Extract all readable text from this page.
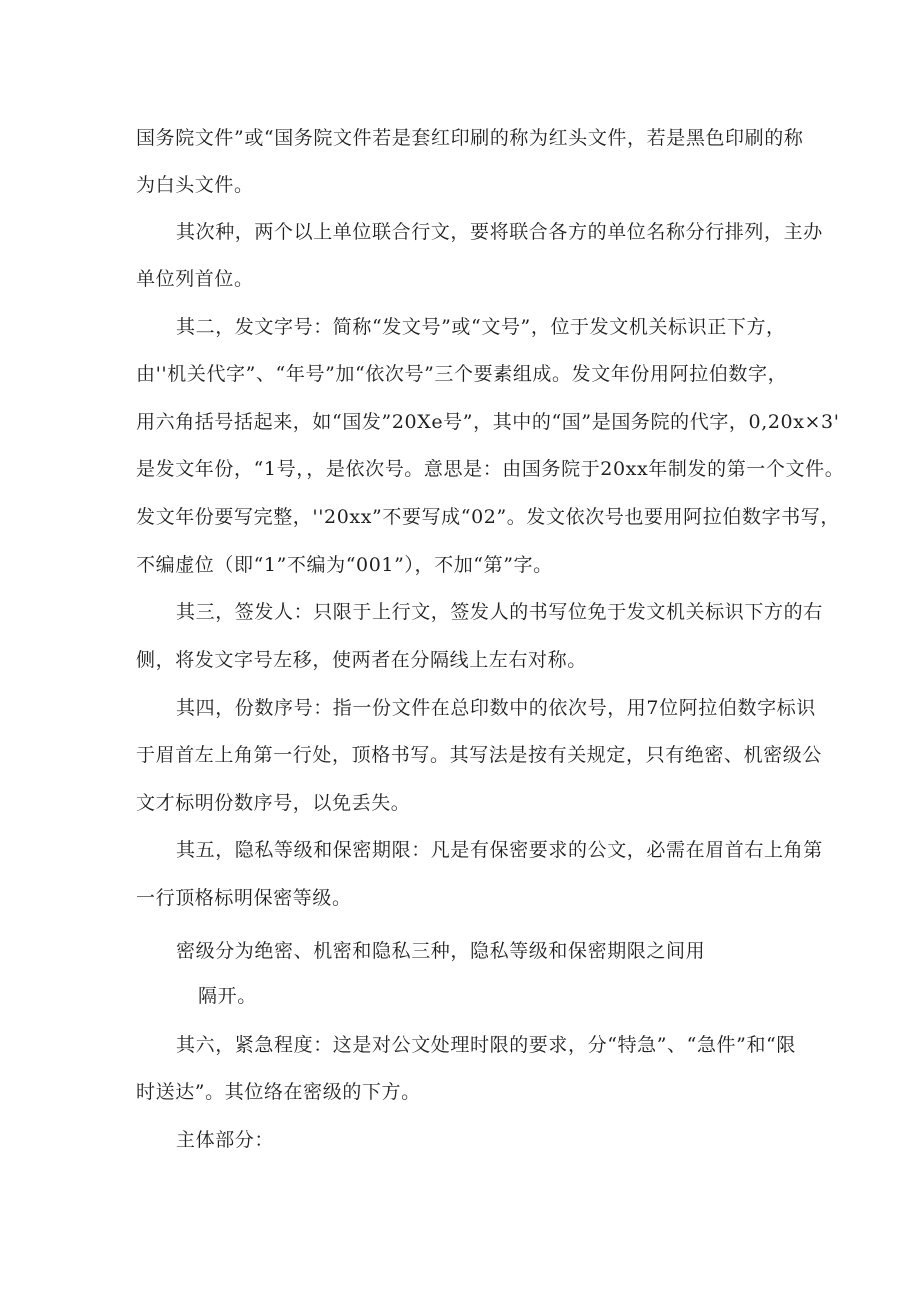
国务院文件”或“国务院文件若是套红印刷的称为红头文件，若是黑色印刷的称
为白头文件。
其次种，两个以上单位联合行文，要将联合各方的单位名称分行排列，主办
单位列首位。
其二，发文字号：简称“发文号”或“文号”，位于发文机关标识正下方，
由''机关代字”、“年号”加“依次号”三个要素组成。发文年份用阿拉伯数字，
用六角括号括起来，如“国发”20Xe号”，其中的“国”是国务院的代字，0,20x×3'
是发文年份，“1号，，是依次号。意思是：由国务院于20xx年制发的第一个文件。
发文年份要写完整，''20xx”不要写成“02”。发文依次号也要用阿拉伯数字书写，
不编虚位（即“1”不编为“001”），不加“第”字。
其三，签发人：只限于上行文，签发人的书写位免于发文机关标识下方的右
侧，将发文字号左移，使两者在分隔线上左右对称。
其四，份数序号：指一份文件在总印数中的依次号，用7位阿拉伯数字标识
于眉首左上角第一行处，顶格书写。其写法是按有关规定，只有绝密、机密级公
文才标明份数序号，以免丢失。
其五，隐私等级和保密期限：凡是有保密要求的公文，必需在眉首右上角第
一行顶格标明保密等级。
密级分为绝密、机密和隐私三种，隐私等级和保密期限之间用
隔开。
其六，紧急程度：这是对公文处理时限的要求，分“特急”、“急件”和“限
时送达”。其位络在密级的下方。
主体部分：
